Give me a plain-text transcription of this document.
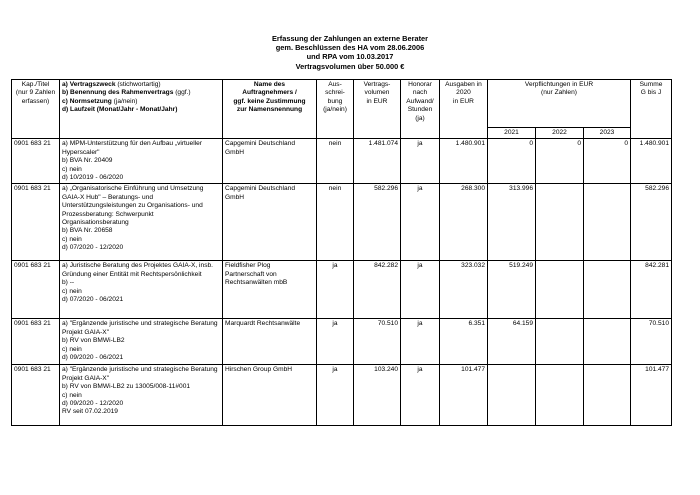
Erfassung der Zahlungen an externe Berater
gem. Beschlüssen des HA vom 28.06.2006
und RPA vom 10.03.2017
Vertragsvolumen über 50.000 €
Kap./Titel
(nur 9 Zahlen
erfassen)	a) Vertragszweck (stichwortartig)
b) Benennung des Rahmenvertrags (ggf.)
c) Normsetzung (ja/nein)
d) Laufzeit (Monat/Jahr - Monat/Jahr)	Name des
Auftragnehmers /
ggf. keine Zustimmung
zur Namensnennung	Aus-
schrei-
bung
(ja/nein)	Vertrags-
volumen
in EUR	Honorar
nach
Aufwand/
Stunden
(ja)	Ausgaben in
2020
in EUR	Verpflichtungen in EUR
(nur Zahlen)			Summe
G bis J

							2021	2022	2023	
0901 683 21	a) MPM-Unterstützung für den Aufbau „virtueller Hyperscaler"
b) BVA Nr. 20409
c) nein
d) 10/2019 - 06/2020	Capgemini Deutschland
GmbH	nein	1.481.074	ja	1.480.901	0	0	0	1.480.901
0901 683 21	a) „Organisatorische Einführung und Umsetzung GAIA-X Hub" – Beratungs- und Unterstützungsleistungen zu Organisations- und Prozessberatung: Schwerpunkt Organisationsberatung
b) BVA Nr. 20658
c) nein
d) 07/2020 - 12/2020	Capgemini Deutschland
GmbH	nein	582.296	ja	268.300	313.996			582.296
0901 683 21	a) Juristische Beratung des Projektes GAIA-X, insb. Gründung einer Entität mit Rechtspersönlichkeit
b) --
c) nein
d) 07/2020 - 06/2021	Fieldfisher Plog
Partnerschaft von
Rechtsanwälten mbB	ja	842.282	ja	323.032	519.249			842.281
0901 683 21	a) "Ergänzende juristische und strategische Beratung Projekt GAIA-X"
b) RV von BMWi-LB2
c) nein
d) 09/2020 - 06/2021	Marquardt Rechtsanwälte	ja	70.510	ja	6.351	64.159			70.510
0901 683 21	a) "Ergänzende juristische und strategische Beratung Projekt GAIA-X"
b) RV von BMWi-LB2 zu 13005/008-11#001
c) nein
d) 09/2020 - 12/2020
RV seit 07.02.2019	Hirschen Group GmbH	ja	103.240	ja	101.477				101.477
